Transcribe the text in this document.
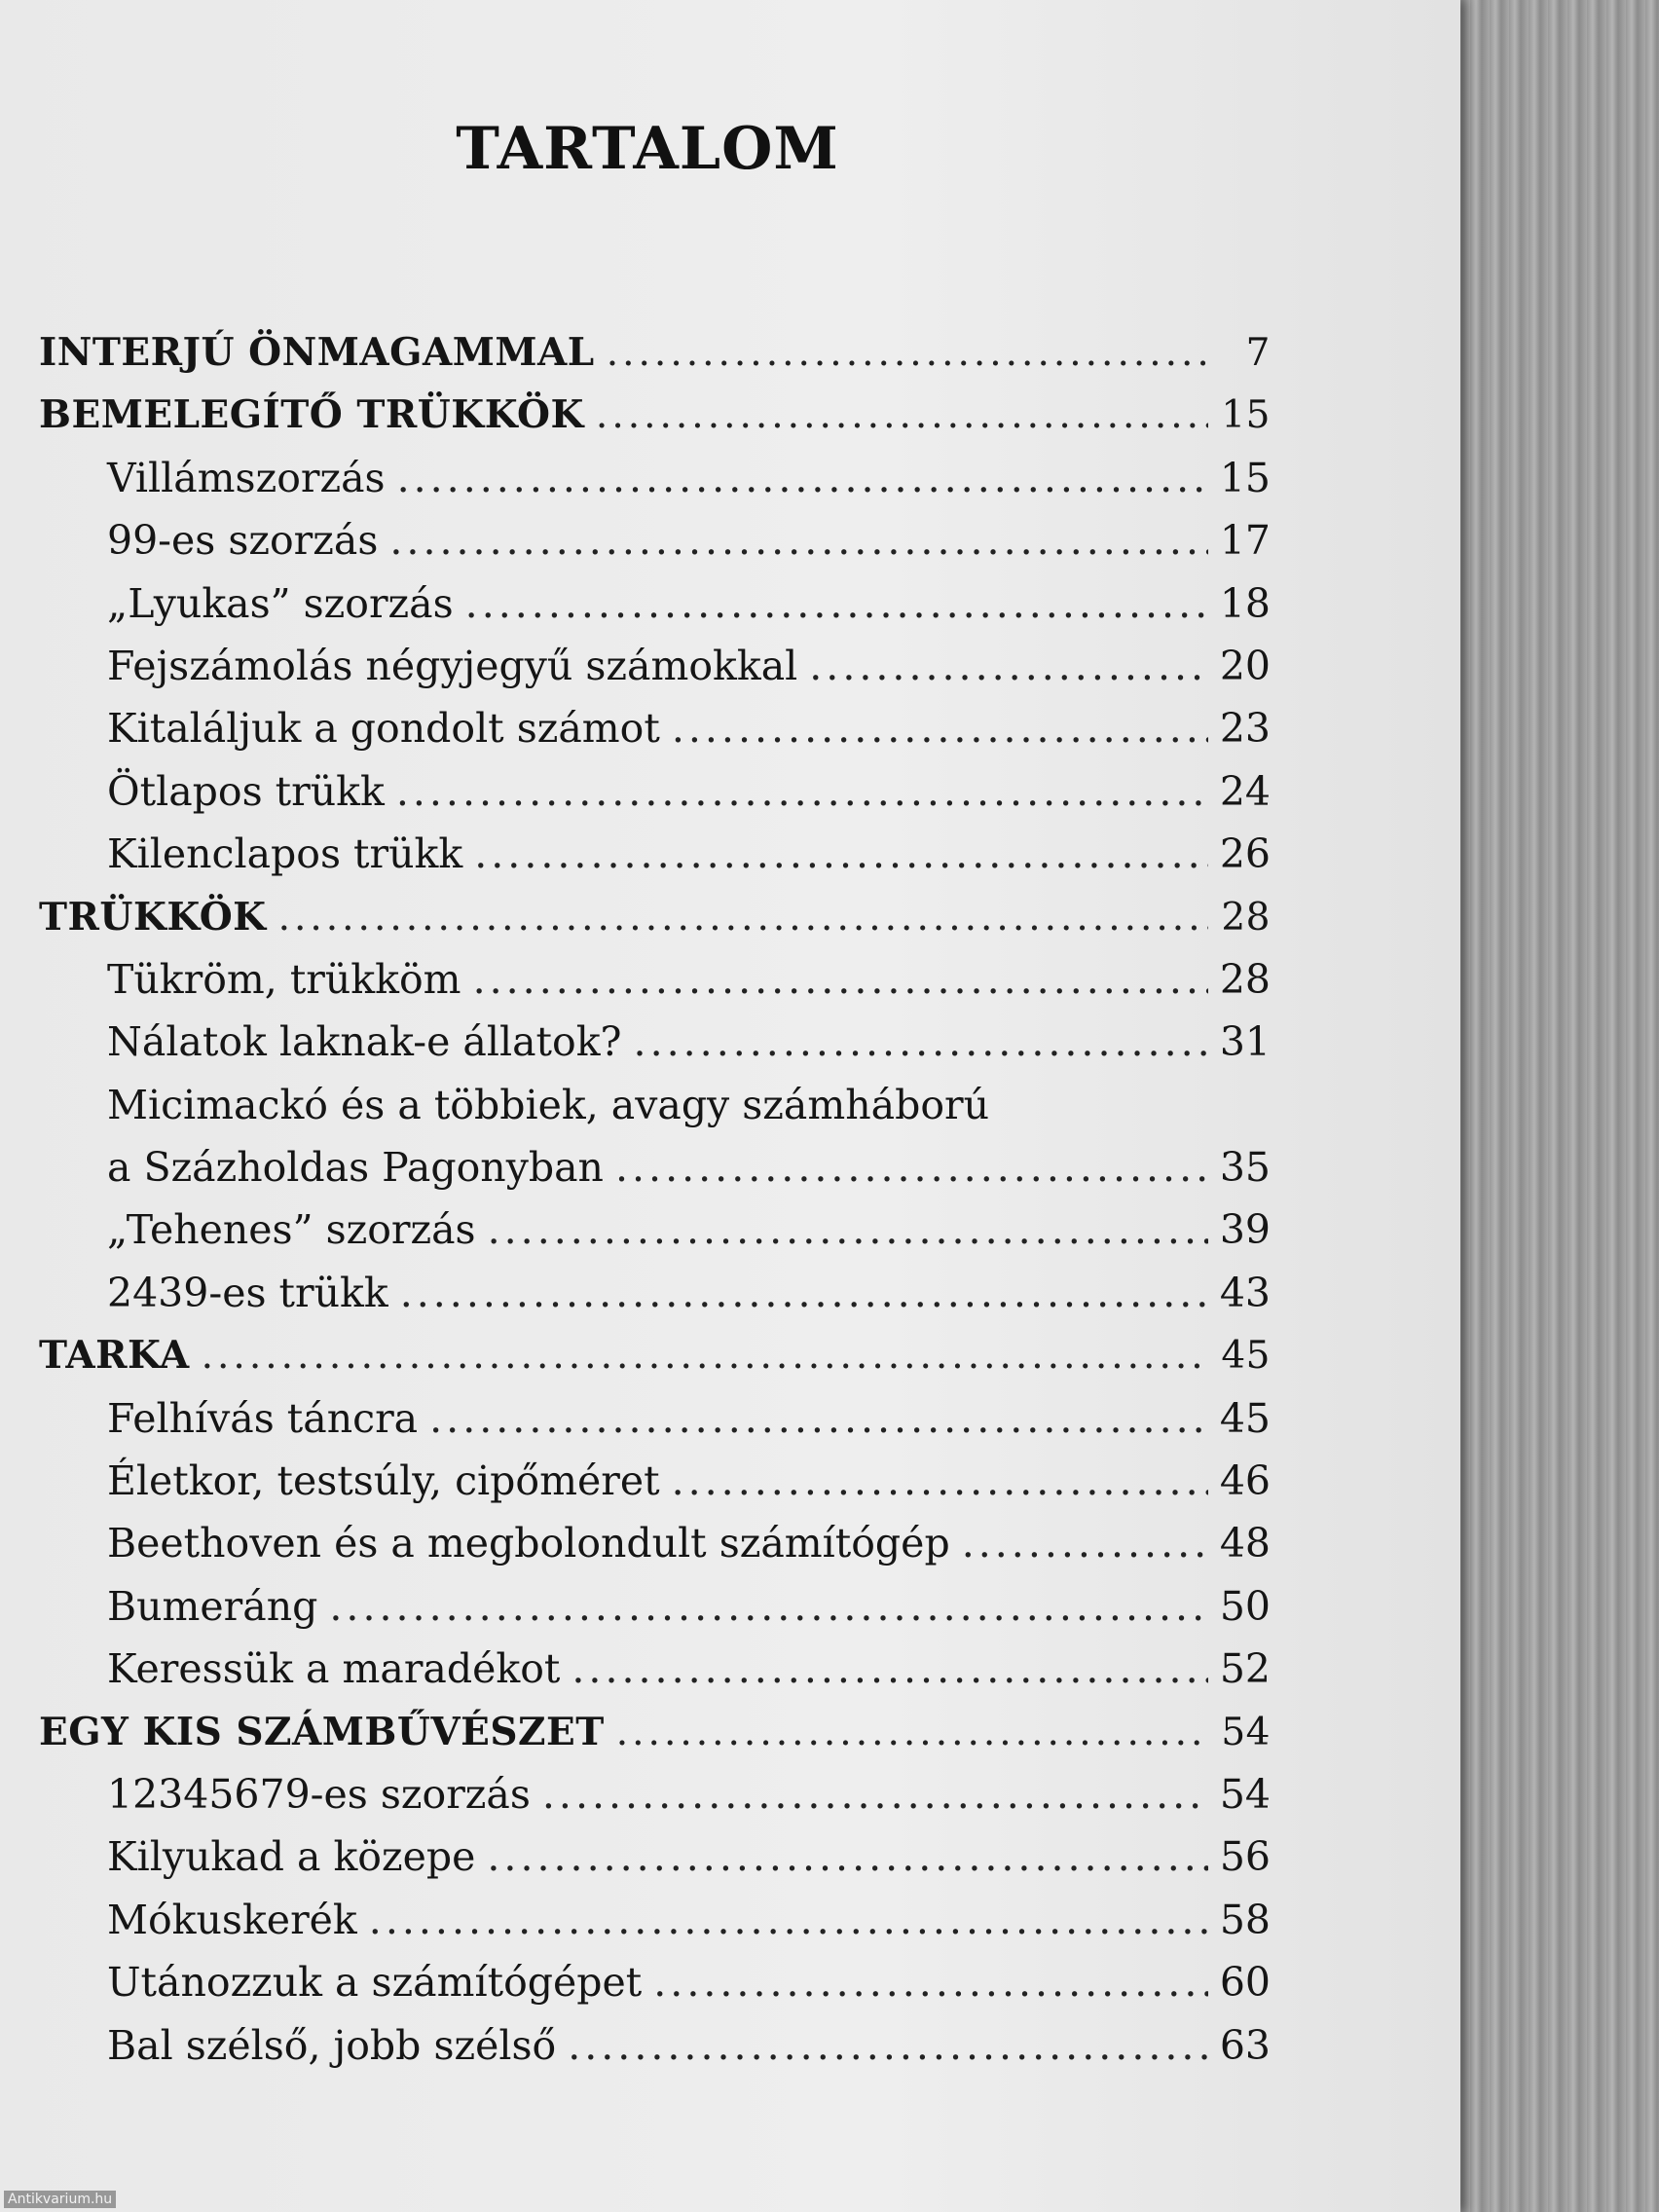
TARTALOM
INTERJÚ ÖNMAGAMMAL .....	7
BEMELEGÍTŐ TRÜKKÖK .....	15
Villámszorzás .....	15
99-es szorzás .....	17
„Lyukas” szorzás .....	18
Fejszámolás négyjegyű számokkal .....	20
Kitaláljuk a gondolt számot .....	23
Ötlapos trükk .....	24
Kilenclapos trükk .....	26
TRÜKKÖK .....	28
Tükröm, trükköm .....	28
Nálatok laknak-e állatok? .....	31
Micimackó és a többiek, avagy számháború
a Százholdas Pagonyban .....	35
„Tehenes” szorzás .....	39
2439-es trükk .....	43
TARKA .....	45
Felhívás táncra .....	45
Életkor, testsúly, cipőméret .....	46
Beethoven és a megbolondult számítógép .....	48
Bumeráng .....	50
Keressük a maradékot .....	52
EGY KIS SZÁMBŰVÉSZET .....	54
12345679-es szorzás .....	54
Kilyukad a közepe .....	56
Mókuskerék .....	58
Utánozzuk a számítógépet .....	60
Bal szélső, jobb szélső .....	63
Antikvarium.hu
